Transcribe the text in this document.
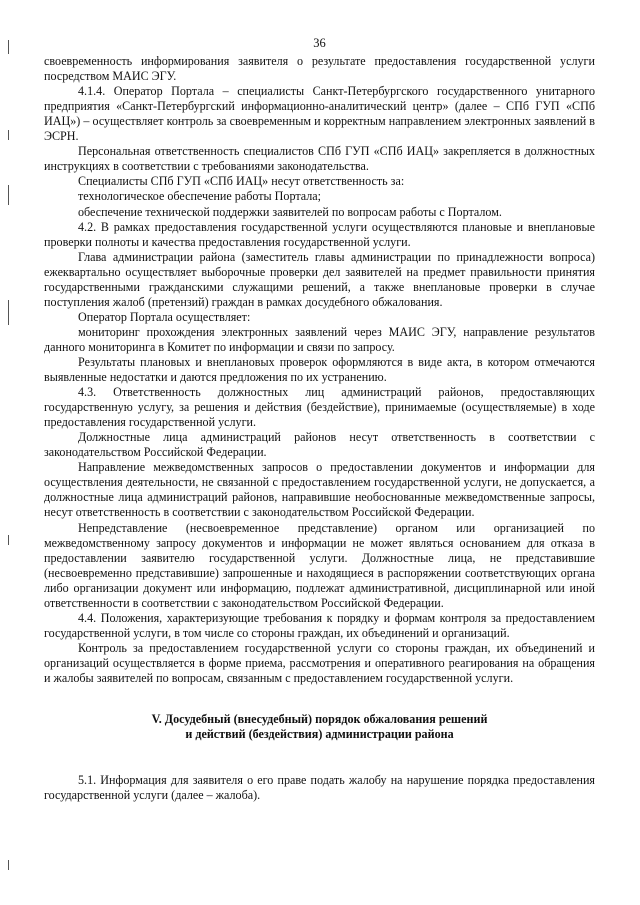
36

своевременность информирования заявителя о результате предоставления государственной услуги посредством МАИС ЭГУ.

4.1.4. Оператор Портала – специалисты Санкт-Петербургского государственного унитарного предприятия «Санкт-Петербургский информационно-аналитический центр» (далее – СПб ГУП «СПб ИАЦ») – осуществляет контроль за своевременным и корректным направлением электронных заявлений в ЭСРН.

Персональная ответственность специалистов СПб ГУП «СПб ИАЦ» закрепляется в должностных инструкциях в соответствии с требованиями законодательства.

Специалисты СПб ГУП «СПб ИАЦ» несут ответственность за:

технологическое обеспечение работы Портала;

обеспечение технической поддержки заявителей по вопросам работы с Порталом.

4.2. В рамках предоставления государственной услуги осуществляются плановые и внеплановые проверки полноты и качества предоставления государственной услуги.

Глава администрации района (заместитель главы администрации по принадлежности вопроса) ежеквартально осуществляет выборочные проверки дел заявителей на предмет правильности принятия государственными гражданскими служащими решений, а также внеплановые проверки в случае поступления жалоб (претензий) граждан в рамках досудебного обжалования.

Оператор Портала осуществляет:

мониторинг прохождения электронных заявлений через МАИС ЭГУ, направление результатов данного мониторинга в Комитет по информации и связи по запросу.

Результаты плановых и внеплановых проверок оформляются в виде акта, в котором отмечаются выявленные недостатки и даются предложения по их устранению.

4.3. Ответственность должностных лиц администраций районов, предоставляющих государственную услугу, за решения и действия (бездействие), принимаемые (осуществляемые) в ходе предоставления государственной услуги.

Должностные лица администраций районов несут ответственность в соответствии с законодательством Российской Федерации.

Направление межведомственных запросов о предоставлении документов и информации для осуществления деятельности, не связанной с предоставлением государственной услуги, не допускается, а должностные лица администраций районов, направившие необоснованные межведомственные запросы, несут ответственность в соответствии с законодательством Российской Федерации.

Непредставление (несвоевременное представление) органом или организацией по межведомственному запросу документов и информации не может являться основанием для отказа в предоставлении заявителю государственной услуги. Должностные лица, не представившие (несвоевременно представившие) запрошенные и находящиеся в распоряжении соответствующих органа либо организации документ или информацию, подлежат административной, дисциплинарной или иной ответственности в соответствии с законодательством Российской Федерации.

4.4. Положения, характеризующие требования к порядку и формам контроля за предоставлением государственной услуги, в том числе со стороны граждан, их объединений и организаций.

Контроль за предоставлением государственной услуги со стороны граждан, их объединений и организаций осуществляется в форме приема, рассмотрения и оперативного реагирования на обращения и жалобы заявителей по вопросам, связанным с предоставлением государственной услуги.

V. Досудебный (внесудебный) порядок обжалования решений
и действий (бездействия) администрации района

5.1. Информация для заявителя о его праве подать жалобу на нарушение порядка предоставления государственной услуги (далее – жалоба).
